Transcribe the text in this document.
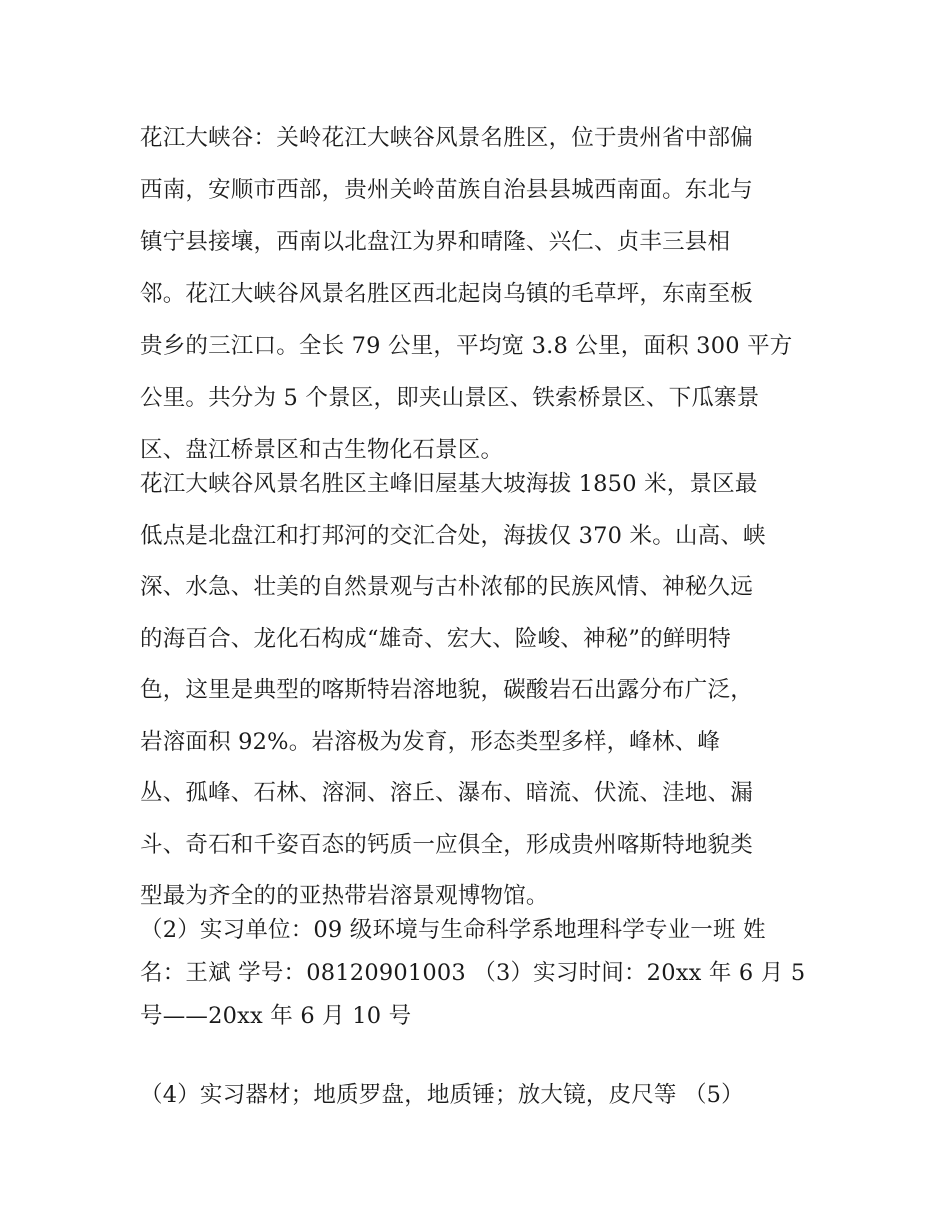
花江大峡谷：关岭花江大峡谷风景名胜区，位于贵州省中部偏
西南，安顺市西部，贵州关岭苗族自治县县城西南面。东北与
镇宁县接壤，西南以北盘江为界和晴隆、兴仁、贞丰三县相
邻。花江大峡谷风景名胜区西北起岗乌镇的毛草坪，东南至板
贵乡的三江口。全长 79 公里，平均宽 3.8 公里，面积 300 平方
公里。共分为 5 个景区，即夹山景区、铁索桥景区、下瓜寨景
区、盘江桥景区和古生物化石景区。
花江大峡谷风景名胜区主峰旧屋基大坡海拔 1850 米，景区最
低点是北盘江和打邦河的交汇合处，海拔仅 370 米。山高、峡
深、水急、壮美的自然景观与古朴浓郁的民族风情、神秘久远
的海百合、龙化石构成“雄奇、宏大、险峻、神秘”的鲜明特
色，这里是典型的喀斯特岩溶地貌，碳酸岩石出露分布广泛，
岩溶面积 92%。岩溶极为发育，形态类型多样，峰林、峰
丛、孤峰、石林、溶洞、溶丘、瀑布、暗流、伏流、洼地、漏
斗、奇石和千姿百态的钙质一应俱全，形成贵州喀斯特地貌类
型最为齐全的的亚热带岩溶景观博物馆。
（2）实习单位：09 级环境与生命科学系地理科学专业一班 姓
名：王斌 学号：08120901003 （3）实习时间：20xx 年 6 月 5
号——20xx 年 6 月 10 号
（4）实习器材；地质罗盘，地质锤；放大镜，皮尺等 （5）
